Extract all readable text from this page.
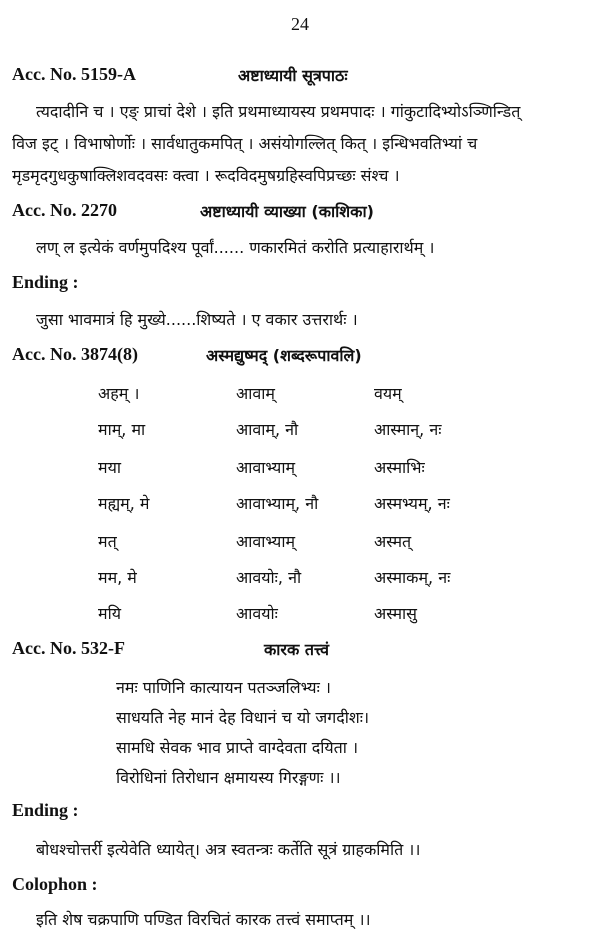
24
Acc. No. 5159-A	अष्टाध्यायी सूत्रपाठः
त्यदादीनि च । एङ् प्राचां देशे । इति प्रथमाध्यायस्य प्रथमपादः । गांकुटादिभ्योऽञ्णिन्डित्
विज इट् । विभाषोर्णोः । सार्वधातुकमपित् । असंयोगल्लित् कित् । इन्धिभवतिभ्यां च
मृडमृदगुधकुषाक्लिशवदवसः क्त्वा । रूदविदमुषग्रहिस्वपिप्रच्छः संश्च ।
Acc. No. 2270	अष्टाध्यायी व्याख्या (काशिका)
लण् ल इत्येकं वर्णमुपदिश्य पूर्वां...... णकारमितं करोति प्रत्याहारार्थम् ।
Ending :
जुसा भावमात्रं हि मुख्ये......शिष्यते । ए वकार उत्तरार्थः ।
Acc. No. 3874(8)	अस्मद्युष्मद् (शब्दरूपावलि)
अहम् ।	आवाम्	वयम्
माम्, मा	आवाम्, नौ	आस्मान्, नः
मया	आवाभ्याम्	अस्माभिः
मह्यम्, मे	आवाभ्याम्, नौ	अस्मभ्यम्, नः
मत्	आवाभ्याम्	अस्मत्
मम, मे	आवयोः, नौ	अस्माकम्, नः
मयि	आवयोः	अस्मासु
Acc. No. 532-F	कारक तत्त्वं
नमः पाणिनि कात्यायन पतञ्जलिभ्यः ।
साधयति नेह मानं देह विधानं च यो जगदीशः।
सामधि सेवक भाव प्राप्ते वाग्देवता दयिता ।
विरोधिनां तिरोधान क्षमायस्य गिरङ्गणः ।।
Ending :
बोधश्चोत्तर्री इत्येवेति ध्यायेत्। अत्र स्वतन्त्रः कर्तेति सूत्रं ग्राहकमिति ।।
Colophon :
इति शेष चक्रपाणि पण्डित विरचितं कारक तत्त्वं समाप्तम् ।।
